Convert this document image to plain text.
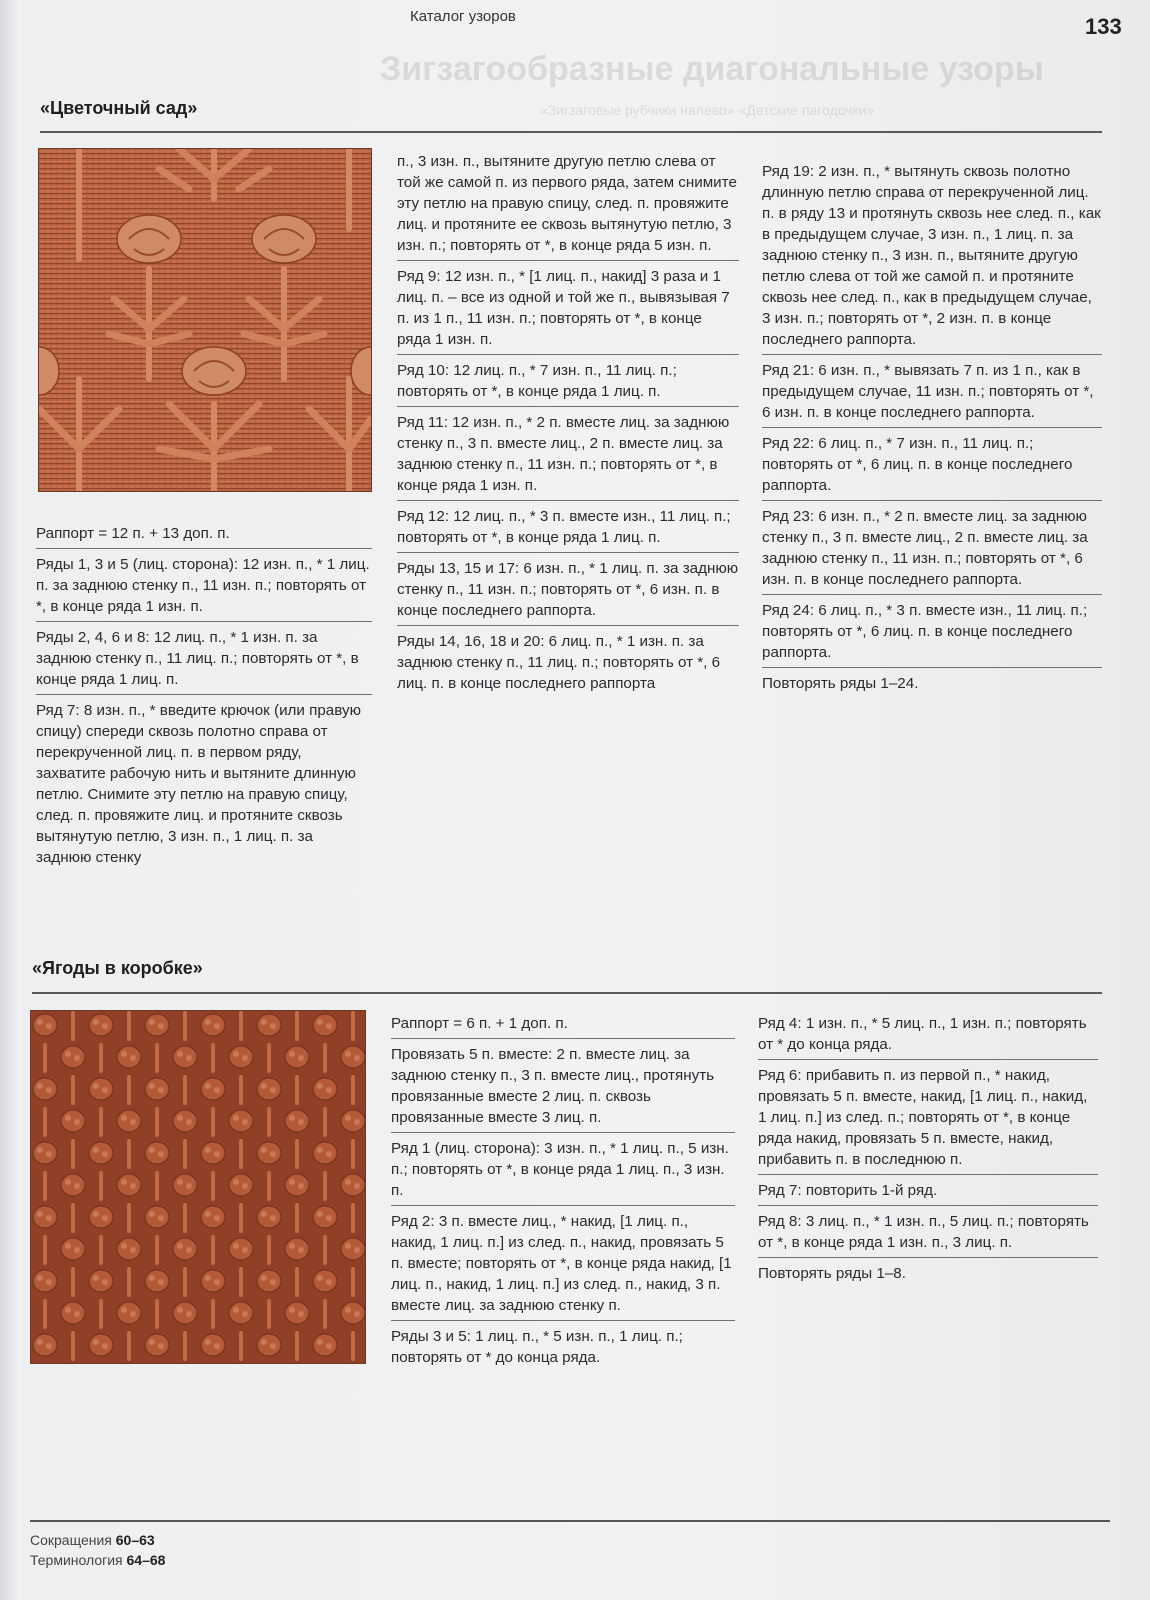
Каталог узоров	133
Зигзагообразные диагональные узоры
«Зигзаговые рубчики налево» «Детские пагодочки»
«Цветочный сад»
Раппорт = 12 п. + 13 доп. п.
Ряды 1, 3 и 5 (лиц. сторона): 12 изн. п., * 1 лиц. п. за заднюю стенку п., 11 изн. п.; повторять от *, в конце ряда 1 изн. п.
Ряды 2, 4, 6 и 8: 12 лиц. п., * 1 изн. п. за заднюю стенку п., 11 лиц. п.; повторять от *, в конце ряда 1 лиц. п.
Ряд 7: 8 изн. п., * введите крючок (или правую спицу) спереди сквозь полотно справа от перекрученной лиц. п. в первом ряду, захватите рабочую нить и вытяните длинную петлю. Снимите эту петлю на правую спицу, след. п. провяжите лиц. и протяните сквозь вытянутую петлю, 3 изн. п., 1 лиц. п. за заднюю стенку
п., 3 изн. п., вытяните другую петлю слева от той же самой п. из первого ряда, затем снимите эту петлю на правую спицу, след. п. провяжите лиц. и протяните ее сквозь вытянутую петлю, 3 изн. п.; повторять от *, в конце ряда 5 изн. п.
Ряд 9: 12 изн. п., * [1 лиц. п., накид] 3 раза и 1 лиц. п. – все из одной и той же п., вывязывая 7 п. из 1 п., 11 изн. п.; повторять от *, в конце ряда 1 изн. п.
Ряд 10: 12 лиц. п., * 7 изн. п., 11 лиц. п.; повторять от *, в конце ряда 1 лиц. п.
Ряд 11: 12 изн. п., * 2 п. вместе лиц. за заднюю стенку п., 3 п. вместе лиц., 2 п. вместе лиц. за заднюю стенку п., 11 изн. п.; повторять от *, в конце ряда 1 изн. п.
Ряд 12: 12 лиц. п., * 3 п. вместе изн., 11 лиц. п.; повторять от *, в конце ряда 1 лиц. п.
Ряды 13, 15 и 17: 6 изн. п., * 1 лиц. п. за заднюю стенку п., 11 изн. п.; повторять от *, 6 изн. п. в конце последнего раппорта.
Ряды 14, 16, 18 и 20: 6 лиц. п., * 1 изн. п. за заднюю стенку п., 11 лиц. п.; повторять от *, 6 лиц. п. в конце последнего раппорта
Ряд 19: 2 изн. п., * вытянуть сквозь полотно длинную петлю справа от перекрученной лиц. п. в ряду 13 и протянуть сквозь нее след. п., как в предыдущем случае, 3 изн. п., 1 лиц. п. за заднюю стенку п., 3 изн. п., вытяните другую петлю слева от той же самой п. и протяните сквозь нее след. п., как в предыдущем случае, 3 изн. п.; повторять от *, 2 изн. п. в конце последнего раппорта.
Ряд 21: 6 изн. п., * вывязать 7 п. из 1 п., как в предыдущем случае, 11 изн. п.; повторять от *, 6 изн. п. в конце последнего раппорта.
Ряд 22: 6 лиц. п., * 7 изн. п., 11 лиц. п.; повторять от *, 6 лиц. п. в конце последнего раппорта.
Ряд 23: 6 изн. п., * 2 п. вместе лиц. за заднюю стенку п., 3 п. вместе лиц., 2 п. вместе лиц. за заднюю стенку п., 11 изн. п.; повторять от *, 6 изн. п. в конце последнего раппорта.
Ряд 24: 6 лиц. п., * 3 п. вместе изн., 11 лиц. п.; повторять от *, 6 лиц. п. в конце последнего раппорта.
Повторять ряды 1–24.
«Ягоды в коробке»
Раппорт = 6 п. + 1 доп. п.
Провязать 5 п. вместе: 2 п. вместе лиц. за заднюю стенку п., 3 п. вместе лиц., протянуть провязанные вместе 2 лиц. п. сквозь провязанные вместе 3 лиц. п.
Ряд 1 (лиц. сторона): 3 изн. п., * 1 лиц. п., 5 изн. п.; повторять от *, в конце ряда 1 лиц. п., 3 изн. п.
Ряд 2: 3 п. вместе лиц., * накид, [1 лиц. п., накид, 1 лиц. п.] из след. п., накид, провязать 5 п. вместе; повторять от *, в конце ряда накид, [1 лиц. п., накид, 1 лиц. п.] из след. п., накид, 3 п. вместе лиц. за заднюю стенку п.
Ряды 3 и 5: 1 лиц. п., * 5 изн. п., 1 лиц. п.; повторять от * до конца ряда.
Ряд 4: 1 изн. п., * 5 лиц. п., 1 изн. п.; повторять от * до конца ряда.
Ряд 6: прибавить п. из первой п., * накид, провязать 5 п. вместе, накид, [1 лиц. п., накид, 1 лиц. п.] из след. п.; повторять от *, в конце ряда накид, провязать 5 п. вместе, накид, прибавить п. в последнюю п.
Ряд 7: повторить 1-й ряд.
Ряд 8: 3 лиц. п., * 1 изн. п., 5 лиц. п.; повторять от *, в конце ряда 1 изн. п., 3 лиц. п.
Повторять ряды 1–8.
Сокращения 60–63
Терминология 64–68
